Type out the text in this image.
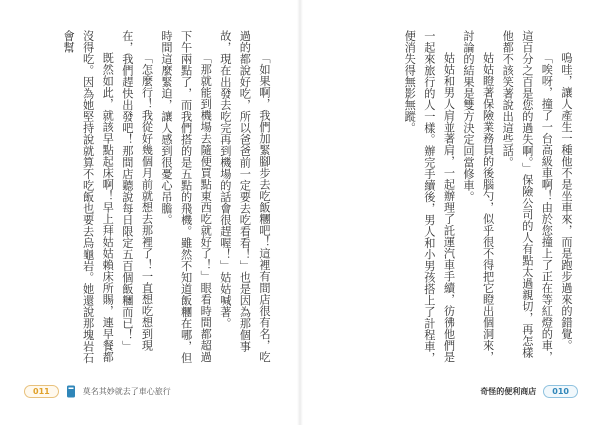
「如果啊，我們加緊腳步去吃飯糰吧！這裡有間店很有名，吃過的都說好吃，所以爸爸前一定要去吃看看！」也是因為那個事故，現在出發去吃完再到機場的話會很趕喔！」姑姑喊著。

「那就能到機場去隨便買點東西吃就好了！」眼看時間都超過下午兩點了，而我們搭的是五點的飛機。雖然不知道飯糰在哪，但時間這麼緊迫，讓人感到很憂心吊膽。

「怎麼行！我從好幾個月前就想去那裡了！一直想吃想到現在，我們趕快出發吧！那間店聽說每日限定五百個飯糰而已！」

既然如此，就該早點起床啊！早上拜姑姑賴床所賜，連早餐都沒得吃。因為她堅持說就算不吃飯也要去烏龜岩。她還說那塊岩石會幫

011	莫名其妙就去了車心旅行

嗚哇，讓人產生一種他不是坐車來，而是跑步過來的錯覺。

「唉呀，撞了一台高級車啊！由於您撞上了正在等紅燈的車，這百分之百是您的過失啊。」保險公司的人有點太過親切，再怎樣他都不該笑著說出這些話。

姑姑瞪著保險業務員的後腦勺，似乎很不得把它瞪出個洞來，討論的結果是雙方決定回當修車。

姑姑和男人肩並著肩，一起辦理了託運汽車手續，彷彿他們是一起來旅行的人一樣。辦完手續後，男人和小男孩搭上了計程車，便消失得無影無蹤。

奇怪的便利商店	010
